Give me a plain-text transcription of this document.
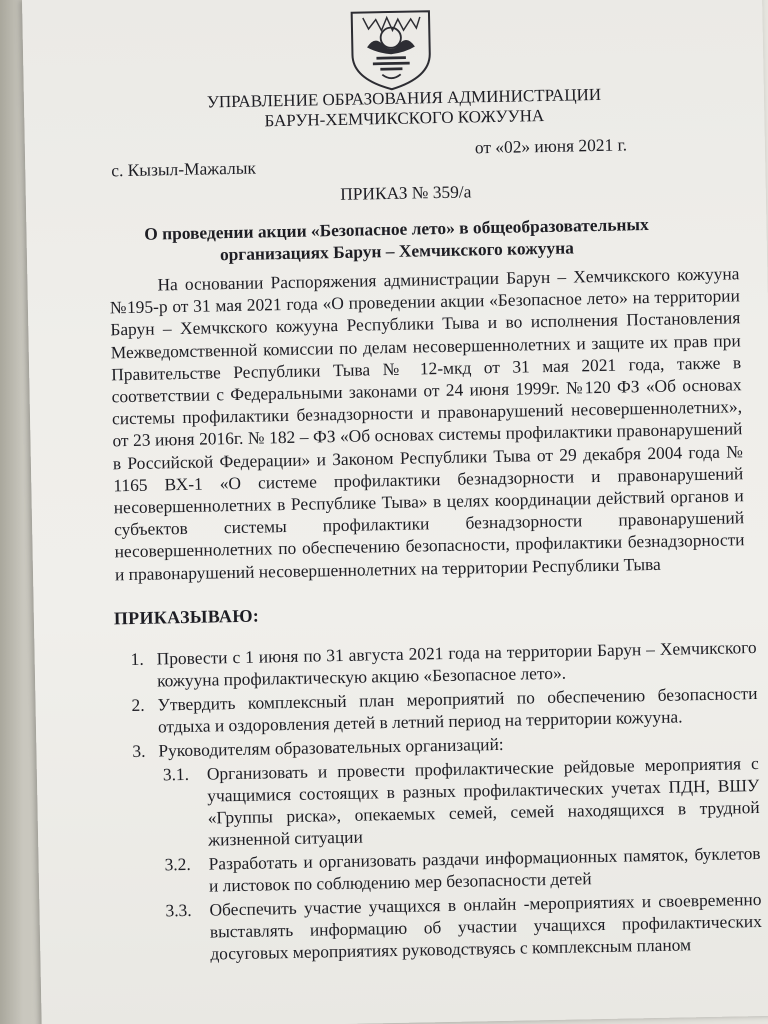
УПРАВЛЕНИЕ ОБРАЗОВАНИЯ АДМИНИСТРАЦИИ
БАРУН-ХЕМЧИКСКОГО КОЖУУНА
от «02» июня 2021 г.
с. Кызыл-Мажалык
ПРИКАЗ № 359/а
О проведении акции «Безопасное лето» в общеобразовательных
организациях Барун – Хемчикского кожууна

На основании Распоряжения администрации Барун – Хемчикского кожууна №195-р от 31 мая 2021 года «О проведении акции «Безопасное лето» на территории Барун – Хемчкского кожууна Республики Тыва и во исполнения Постановления Межведомственной комиссии по делам несовершеннолетних и защите их прав при Правительстве Республики Тыва № 12-мкд от 31 мая 2021 года, также в соответствии с Федеральными законами от 24 июня 1999г. №120 ФЗ «Об основах системы профилактики безнадзорности и правонарушений несовершеннолетних», от 23 июня 2016г. № 182 – ФЗ «Об основах системы профилактики правонарушений в Российской Федерации» и Законом Республики Тыва от 29 декабря 2004 года № 1165 ВХ-1 «О системе профилактики безнадзорности и правонарушений несовершеннолетних в Республике Тыва» в целях координации действий органов и субъектов системы профилактики безнадзорности правонарушений несовершеннолетних по обеспечению безопасности, профилактики безнадзорности и правонарушений несовершеннолетних на территории Республики Тыва

ПРИКАЗЫВАЮ:
1. Провести с 1 июня по 31 августа 2021 года на территории Барун – Хемчикского кожууна профилактическую акцию «Безопасное лето».
2. Утвердить комплексный план мероприятий по обеспечению безопасности отдыха и оздоровления детей в летний период на территории кожууна.
3. Руководителям образовательных организаций:
3.1. Организовать и провести профилактические рейдовые мероприятия с учащимися состоящих в разных профилактических учетах ПДН, ВШУ «Группы риска», опекаемых семей, семей находящихся в трудной жизненной ситуации
3.2. Разработать и организовать раздачи информационных памяток, буклетов и листовок по соблюдению мер безопасности детей
3.3. Обеспечить участие учащихся в онлайн -мероприятиях и своевременно выставлять информацию об участии учащихся профилактических досуговых мероприятиях руководствуясь с комплексным планом
